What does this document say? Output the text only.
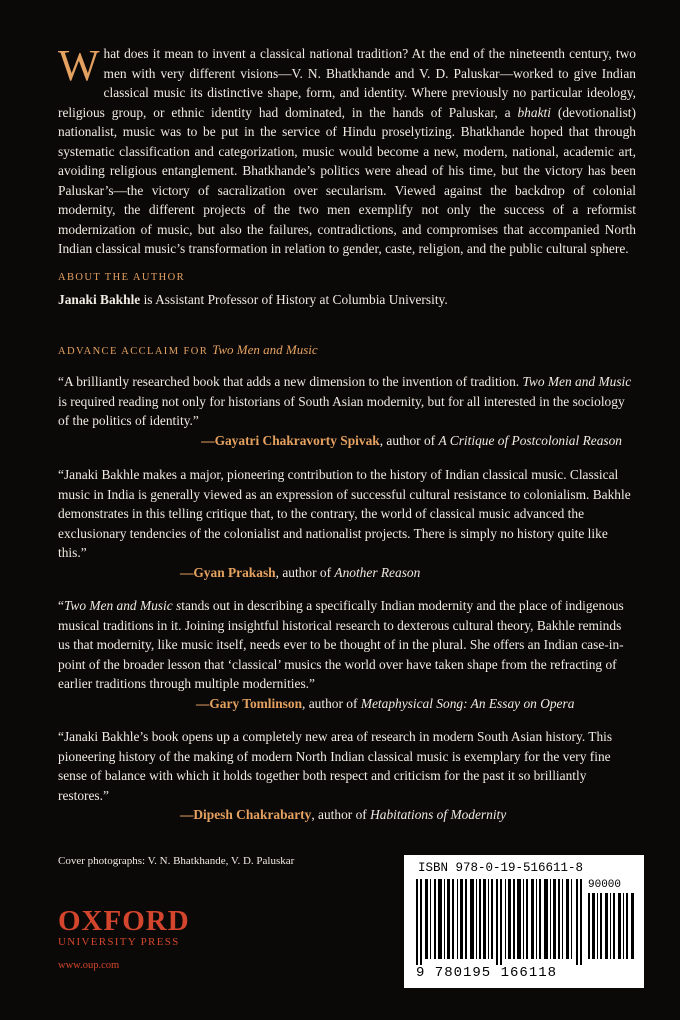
What does it mean to invent a classical national tradition? At the end of the nineteenth century, two men with very different visions—V. N. Bhatkhande and V. D. Paluskar—worked to give Indian classical music its distinctive shape, form, and identity. Where previously no particular ideology, religious group, or ethnic identity had dominated, in the hands of Paluskar, a bhakti (devotionalist) nationalist, music was to be put in the service of Hindu proselytizing. Bhatkhande hoped that through systematic classification and categorization, music would become a new, modern, national, academic art, avoiding religious entanglement. Bhatkhande’s politics were ahead of his time, but the victory has been Paluskar’s—the victory of sacralization over secularism. Viewed against the backdrop of colonial modernity, the different projects of the two men exemplify not only the success of a reformist modernization of music, but also the failures, contradictions, and compromises that accompanied North Indian classical music’s transformation in relation to gender, caste, religion, and the public cultural sphere.
ABOUT THE AUTHOR
Janaki Bakhle is Assistant Professor of History at Columbia University.
ADVANCE ACCLAIM FOR Two Men and Music
“A brilliantly researched book that adds a new dimension to the invention of tradition. Two Men and Music is required reading not only for historians of South Asian modernity, but for all interested in the sociology of the politics of identity.”
—Gayatri Chakravorty Spivak, author of A Critique of Postcolonial Reason
“Janaki Bakhle makes a major, pioneering contribution to the history of Indian classical music. Classical music in India is generally viewed as an expression of successful cultural resistance to colonialism. Bakhle demonstrates in this telling critique that, to the contrary, the world of classical music advanced the exclusionary tendencies of the colonialist and nationalist projects. There is simply no history quite like this.”
—Gyan Prakash, author of Another Reason
“Two Men and Music stands out in describing a specifically Indian modernity and the place of indigenous musical traditions in it. Joining insightful historical research to dexterous cultural theory, Bakhle reminds us that modernity, like music itself, needs ever to be thought of in the plural. She offers an Indian case-in-point of the broader lesson that ‘classical’ musics the world over have taken shape from the refracting of earlier traditions through multiple modernities.”
—Gary Tomlinson, author of Metaphysical Song: An Essay on Opera
“Janaki Bakhle’s book opens up a completely new area of research in modern South Asian history. This pioneering history of the making of modern North Indian classical music is exemplary for the very fine sense of balance with which it holds together both respect and criticism for the past it so brilliantly restores.”
—Dipesh Chakrabarty, author of Habitations of Modernity
Cover photographs: V. N. Bhatkhande, V. D. Paluskar
OXFORD
UNIVERSITY PRESS
www.oup.com
ISBN 978-0-19-516611-8
90000
9 780195 166118
